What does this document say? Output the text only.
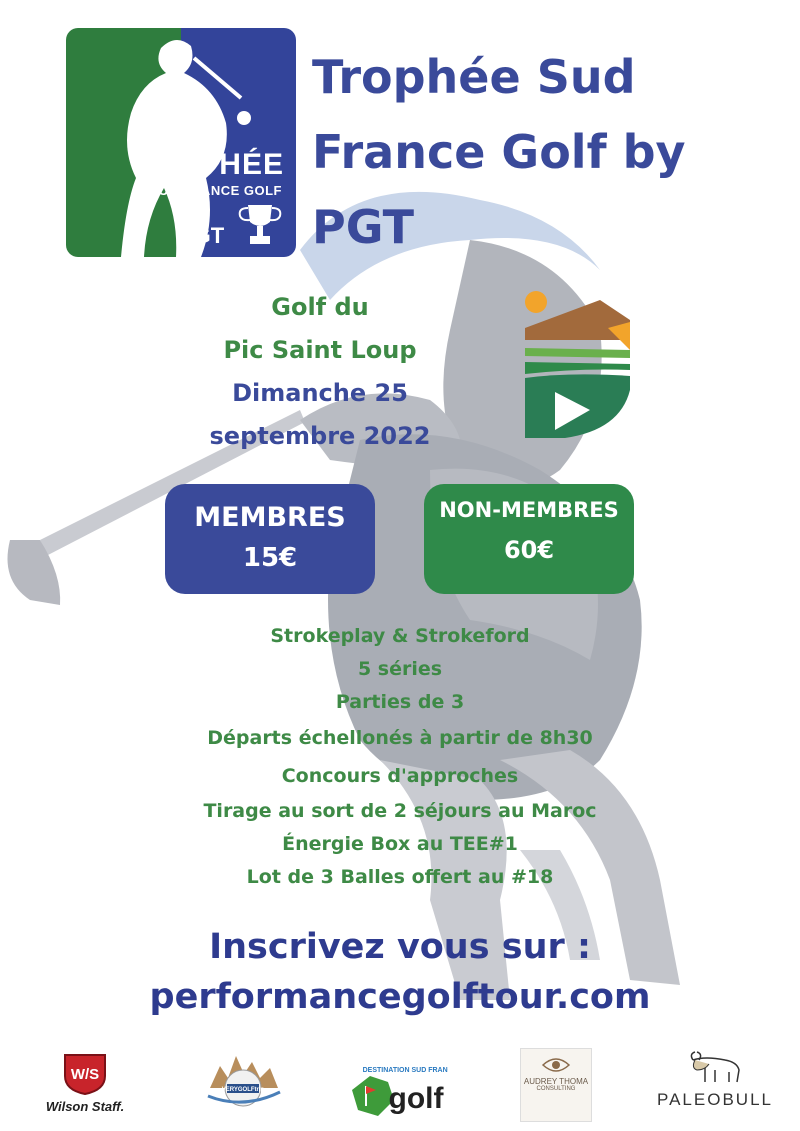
TROPHÉE
SUD FRANCE GOLF
BY
PGT
Trophée Sud
France Golf by
PGT
Golf du
Pic Saint Loup
Dimanche 25
septembre 2022
MEMBRES
15€
NON-MEMBRES
60€
Strokeplay & Strokeford
5 séries
Parties de 3
Départs échellonés à partir de 8h30
Concours d'approches
Tirage au sort de 2 séjours au Maroc
Énergie Box au TEE#1
Lot de 3 Balles offert au #18
Inscrivez vous sur :
performancegolftour.com
W/S
Wilson Staff.
VERYGOLFtrip
DESTINATION SUD FRANCE
golf
AUDREY THOMA
CONSULTING
PALEOBULL
